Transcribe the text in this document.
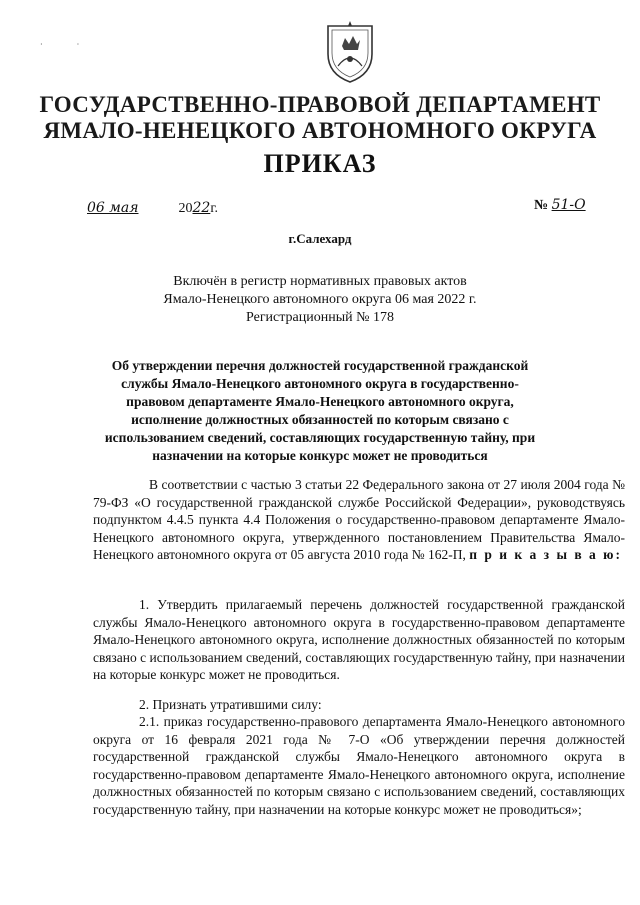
· ·
ГОСУДАРСТВЕННО-ПРАВОВОЙ ДЕПАРТАМЕНТ
ЯМАЛО-НЕНЕЦКОГО АВТОНОМНОГО ОКРУГА
ПРИКАЗ
06 мая	2022г.	№ 51-О
г.Салехард
Включён в регистр нормативных правовых актов
Ямало-Ненецкого автономного округа 06 мая 2022 г.
Регистрационный № 178
Об утверждении перечня должностей государственной гражданской службы Ямало-Ненецкого автономного округа в государственно-правовом департаменте Ямало-Ненецкого автономного округа, исполнение должностных обязанностей по которым связано с использованием сведений, составляющих государственную тайну, при назначении на которые конкурс может не проводиться
В соответствии с частью 3 статьи 22 Федерального закона от 27 июля 2004 года № 79-ФЗ «О государственной гражданской службе Российской Федерации», руководствуясь подпунктом 4.4.5 пункта 4.4 Положения о государственно-правовом департаменте Ямало-Ненецкого автономного округа, утвержденного постановлением Правительства Ямало-Ненецкого автономного округа от 05 августа 2010 года № 162-П, п р и к а з ы в а ю:
1. Утвердить прилагаемый перечень должностей государственной гражданской службы Ямало-Ненецкого автономного округа в государственно-правовом департаменте Ямало-Ненецкого автономного округа, исполнение должностных обязанностей по которым связано с использованием сведений, составляющих государственную тайну, при назначении на которые конкурс может не проводиться.
2. Признать утратившими силу:
2.1. приказ государственно-правового департамента Ямало-Ненецкого автономного округа от 16 февраля 2021 года № 7-О «Об утверждении перечня должностей государственной гражданской службы Ямало-Ненецкого автономного округа в государственно-правовом департаменте Ямало-Ненецкого автономного округа, исполнение должностных обязанностей по которым связано с использованием сведений, составляющих государственную тайну, при назначении на которые конкурс может не проводиться»;
